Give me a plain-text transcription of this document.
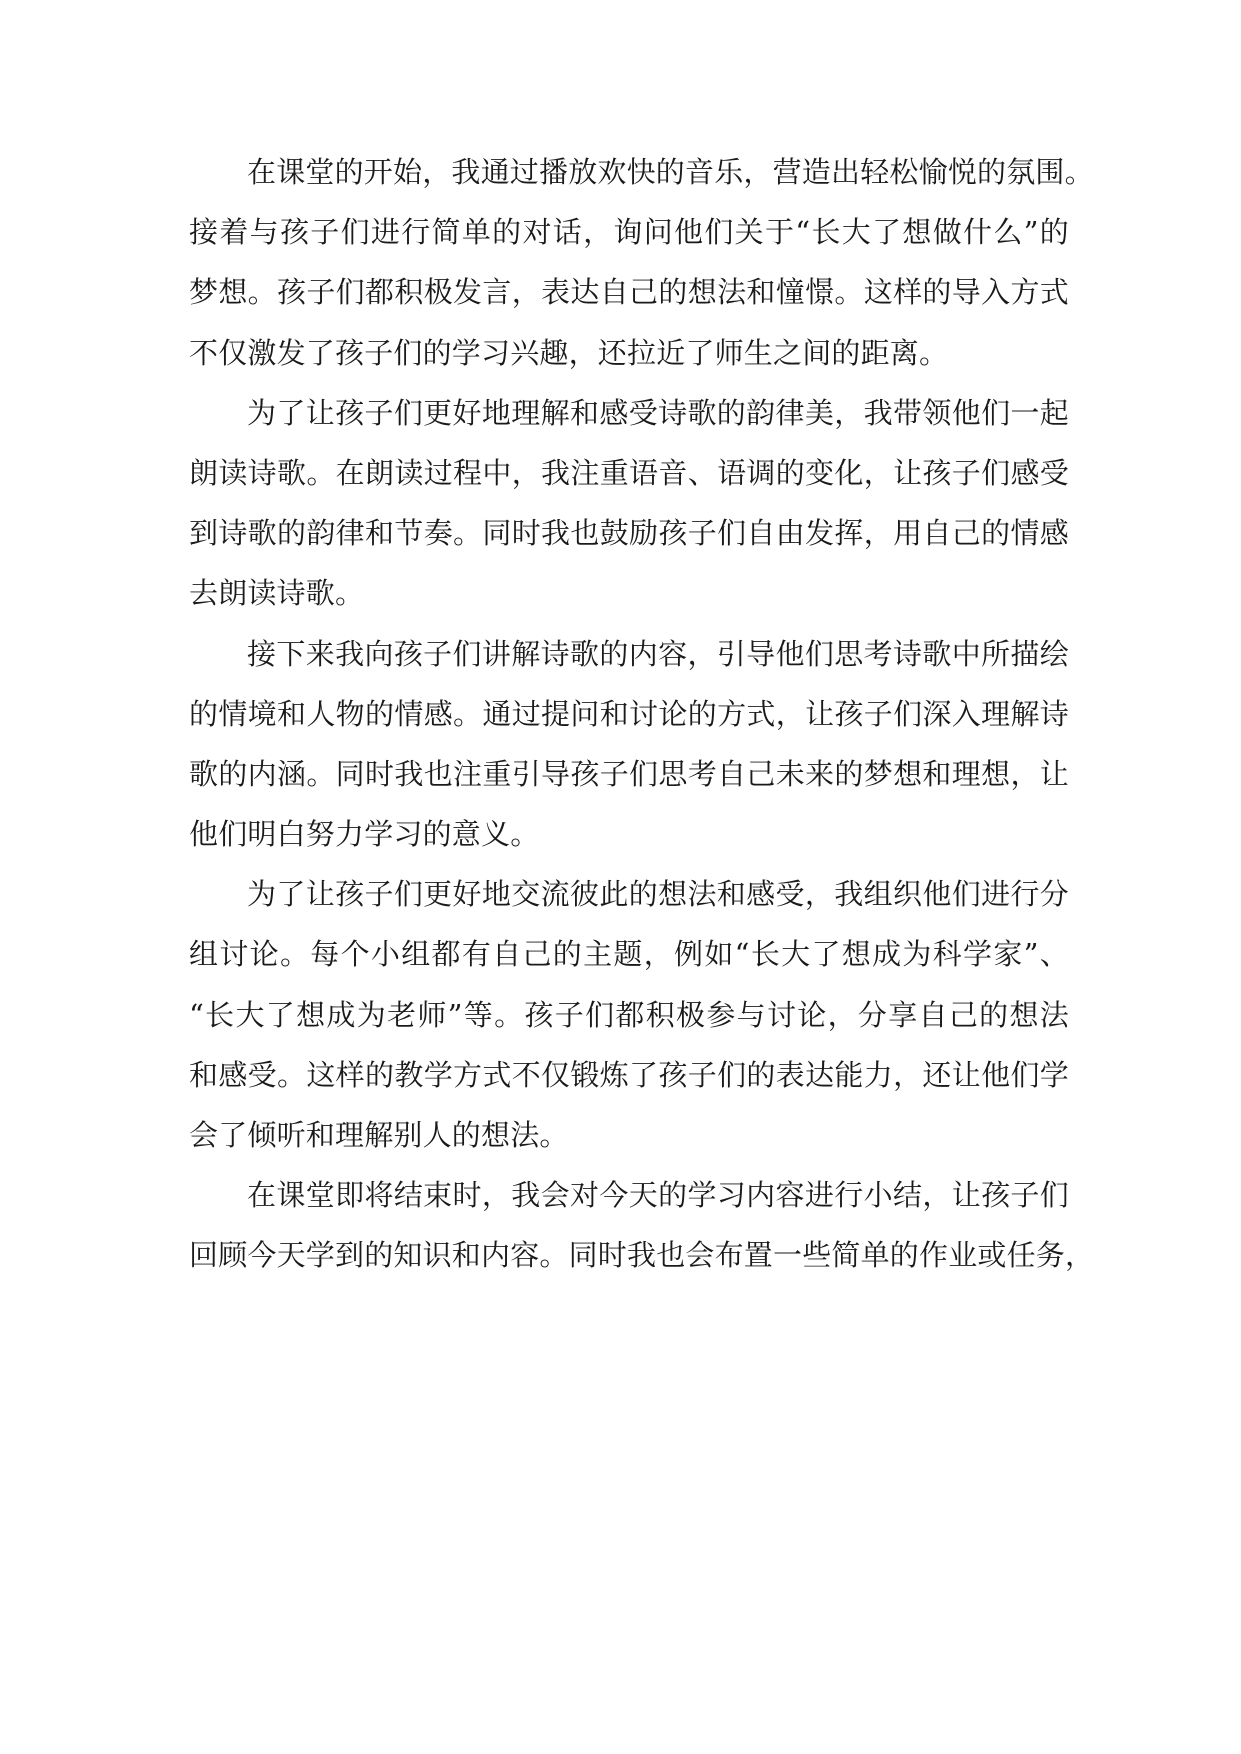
在课堂的开始，我通过播放欢快的音乐，营造出轻松愉悦的氛围。
接着与孩子们进行简单的对话，询问他们关于“长大了想做什么”的
梦想。孩子们都积极发言，表达自己的想法和憧憬。这样的导入方式
不仅激发了孩子们的学习兴趣，还拉近了师生之间的距离。
为了让孩子们更好地理解和感受诗歌的韵律美，我带领他们一起
朗读诗歌。在朗读过程中，我注重语音、语调的变化，让孩子们感受
到诗歌的韵律和节奏。同时我也鼓励孩子们自由发挥，用自己的情感
去朗读诗歌。
接下来我向孩子们讲解诗歌的内容，引导他们思考诗歌中所描绘
的情境和人物的情感。通过提问和讨论的方式，让孩子们深入理解诗
歌的内涵。同时我也注重引导孩子们思考自己未来的梦想和理想，让
他们明白努力学习的意义。
为了让孩子们更好地交流彼此的想法和感受，我组织他们进行分
组讨论。每个小组都有自己的主题，例如“长大了想成为科学家”、
“长大了想成为老师”等。孩子们都积极参与讨论，分享自己的想法
和感受。这样的教学方式不仅锻炼了孩子们的表达能力，还让他们学
会了倾听和理解别人的想法。
在课堂即将结束时，我会对今天的学习内容进行小结，让孩子们
回顾今天学到的知识和内容。同时我也会布置一些简单的作业或任务，
